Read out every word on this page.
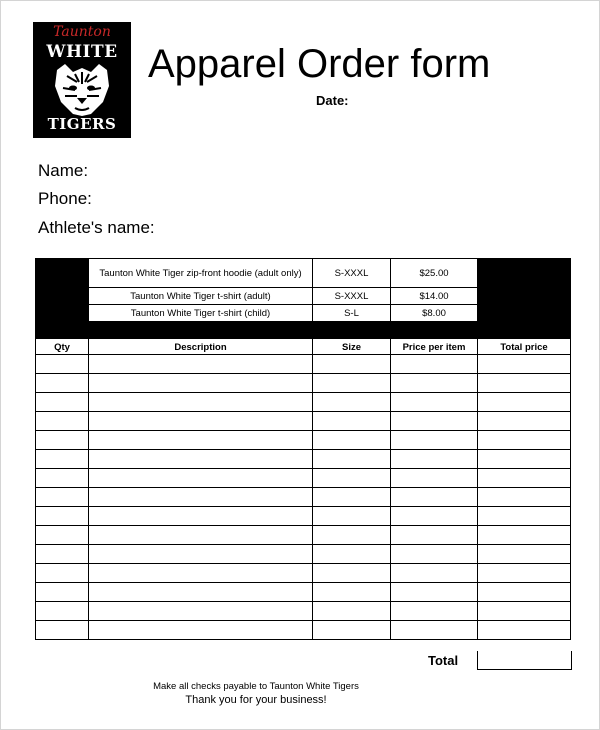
Taunton
WHITE
TIGERS
Apparel Order form
Date:
Name:
Phone:
Athlete's name:
Taunton White Tiger zip-front hoodie (adult only)	S-XXXL	$25.00
Taunton White Tiger t-shirt (adult)	S-XXXL	$14.00
Taunton White Tiger t-shirt (child)	S-L	$8.00
Qty	Description	Size	Price per item	Total price

Total
Make all checks payable to Taunton White Tigers
Thank you for your business!
